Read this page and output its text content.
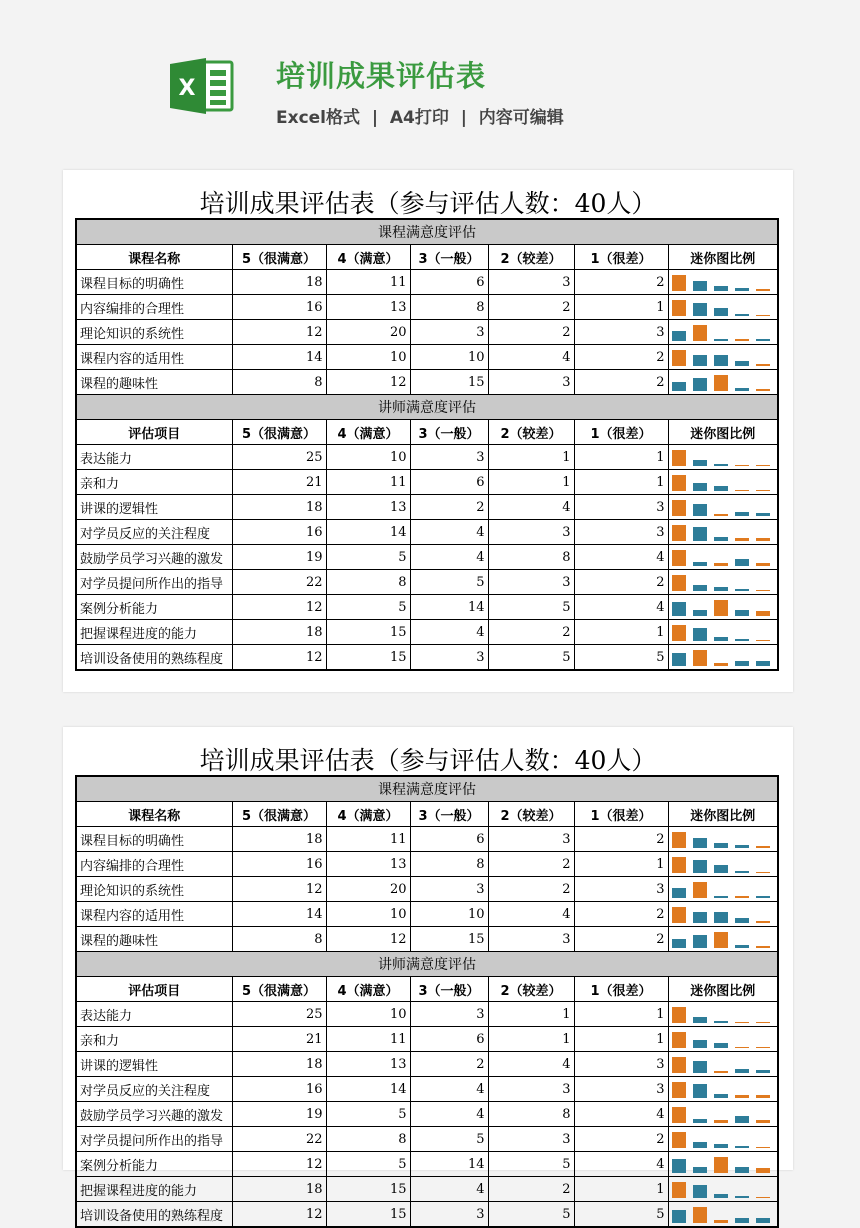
X	培训成果评估表
Excel格式  |  A4打印  |  内容可编辑
培训成果评估表（参与评估人数：40人）
课程满意度评估						
课程名称	5（很满意）	4（满意）	3（一般）	2（较差）	1（很差）	迷你图比例
课程目标的明确性	18	11	6	3	2	

内容编排的合理性	16	13	8	2	1	

理论知识的系统性	12	20	3	2	3	

课程内容的适用性	14	10	10	4	2	

课程的趣味性	8	12	15	3	2	

讲师满意度评估						
评估项目	5（很满意）	4（满意）	3（一般）	2（较差）	1（很差）	迷你图比例
表达能力	25	10	3	1	1	

亲和力	21	11	6	1	1	

讲课的逻辑性	18	13	2	4	3	

对学员反应的关注程度	16	14	4	3	3	

鼓励学员学习兴趣的激发	19	5	4	8	4	

对学员提问所作出的指导	22	8	5	3	2	

案例分析能力	12	5	14	5	4	

把握课程进度的能力	18	15	4	2	1	

培训设备使用的熟练程度	12	15	3	5	5	
培训成果评估表（参与评估人数：40人）
课程满意度评估						
课程名称	5（很满意）	4（满意）	3（一般）	2（较差）	1（很差）	迷你图比例
课程目标的明确性	18	11	6	3	2	

内容编排的合理性	16	13	8	2	1	

理论知识的系统性	12	20	3	2	3	

课程内容的适用性	14	10	10	4	2	

课程的趣味性	8	12	15	3	2	

讲师满意度评估						
评估项目	5（很满意）	4（满意）	3（一般）	2（较差）	1（很差）	迷你图比例
表达能力	25	10	3	1	1	

亲和力	21	11	6	1	1	

讲课的逻辑性	18	13	2	4	3	

对学员反应的关注程度	16	14	4	3	3	

鼓励学员学习兴趣的激发	19	5	4	8	4	

对学员提问所作出的指导	22	8	5	3	2	

案例分析能力	12	5	14	5	4	

把握课程进度的能力	18	15	4	2	1	

培训设备使用的熟练程度	12	15	3	5	5	
